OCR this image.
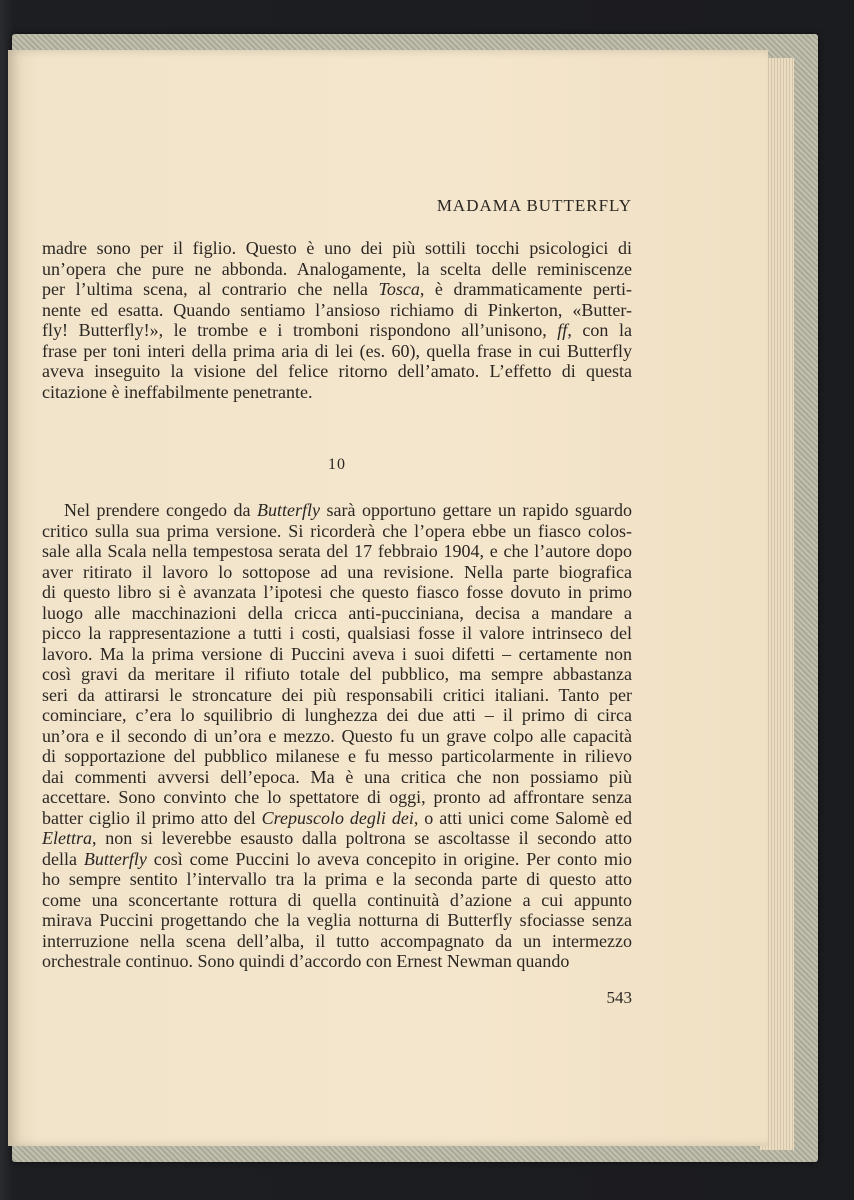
MADAMA BUTTERFLY
madre sono per il figlio. Questo è uno dei più sottili tocchi psicologici di
un’opera che pure ne abbonda. Analogamente, la scelta delle reminiscenze
per l’ultima scena, al contrario che nella Tosca, è drammaticamente perti-
nente ed esatta. Quando sentiamo l’ansioso richiamo di Pinkerton, «Butter-
fly! Butterfly!», le trombe e i tromboni rispondono all’unisono, ff, con la
frase per toni interi della prima aria di lei (es. 60), quella frase in cui Butterfly
aveva inseguito la visione del felice ritorno dell’amato. L’effetto di questa
citazione è ineffabilmente penetrante.
10
Nel prendere congedo da Butterfly sarà opportuno gettare un rapido sguardo
critico sulla sua prima versione. Si ricorderà che l’opera ebbe un fiasco colos-
sale alla Scala nella tempestosa serata del 17 febbraio 1904, e che l’autore dopo
aver ritirato il lavoro lo sottopose ad una revisione. Nella parte biografica
di questo libro si è avanzata l’ipotesi che questo fiasco fosse dovuto in primo
luogo alle macchinazioni della cricca anti-pucciniana, decisa a mandare a
picco la rappresentazione a tutti i costi, qualsiasi fosse il valore intrinseco del
lavoro. Ma la prima versione di Puccini aveva i suoi difetti – certamente non
così gravi da meritare il rifiuto totale del pubblico, ma sempre abbastanza
seri da attirarsi le stroncature dei più responsabili critici italiani. Tanto per
cominciare, c’era lo squilibrio di lunghezza dei due atti – il primo di circa
un’ora e il secondo di un’ora e mezzo. Questo fu un grave colpo alle capacità
di sopportazione del pubblico milanese e fu messo particolarmente in rilievo
dai commenti avversi dell’epoca. Ma è una critica che non possiamo più
accettare. Sono convinto che lo spettatore di oggi, pronto ad affrontare senza
batter ciglio il primo atto del Crepuscolo degli dei, o atti unici come Salomè ed
Elettra, non si leverebbe esausto dalla poltrona se ascoltasse il secondo atto
della Butterfly così come Puccini lo aveva concepito in origine. Per conto mio
ho sempre sentito l’intervallo tra la prima e la seconda parte di questo atto
come una sconcertante rottura di quella continuità d’azione a cui appunto
mirava Puccini progettando che la veglia notturna di Butterfly sfociasse senza
interruzione nella scena dell’alba, il tutto accompagnato da un intermezzo
orchestrale continuo. Sono quindi d’accordo con Ernest Newman quando
543
